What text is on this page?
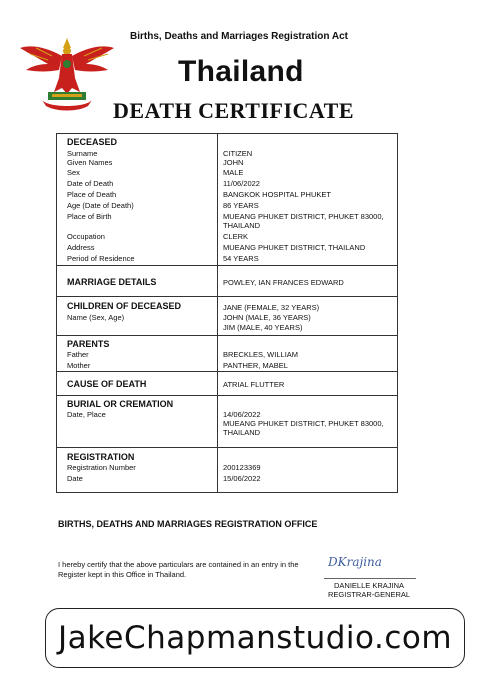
Births, Deaths and Marriages Registration Act
Thailand
DEATH CERTIFICATE
DECEASED
Surname	CITIZEN
Given Names	JOHN
Sex	MALE
Date of Death	11/06/2022
Place of Death	BANGKOK HOSPITAL PHUKET
Age (Date of Death)	86 YEARS
Place of Birth	MUEANG PHUKET DISTRICT, PHUKET 83000,
THAILAND
Occupation	CLERK
Address	MUEANG PHUKET DISTRICT, THAILAND
Period of Residence	54 YEARS
MARRIAGE DETAILS	POWLEY, IAN FRANCES EDWARD
CHILDREN OF DECEASED
Name (Sex, Age)
JANE (FEMALE, 32 YEARS)
JOHN (MALE, 36 YEARS)
JIM (MALE, 40 YEARS)
PARENTS
Father	BRECKLES, WILLIAM
Mother	PANTHER, MABEL
CAUSE OF DEATH	ATRIAL FLUTTER
BURIAL OR CREMATION
Date, Place	14/06/2022
MUEANG PHUKET DISTRICT, PHUKET 83000,
THAILAND
REGISTRATION
Registration Number	200123369
Date	15/06/2022
BIRTHS, DEATHS AND MARRIAGES REGISTRATION OFFICE
I hereby certify that the above particulars are contained in an entry in the Register kept in this Office in Thailand.
DKrajina
DANIELLE KRAJINA
REGISTRAR-GENERAL
JakeChapmanstudio.com
